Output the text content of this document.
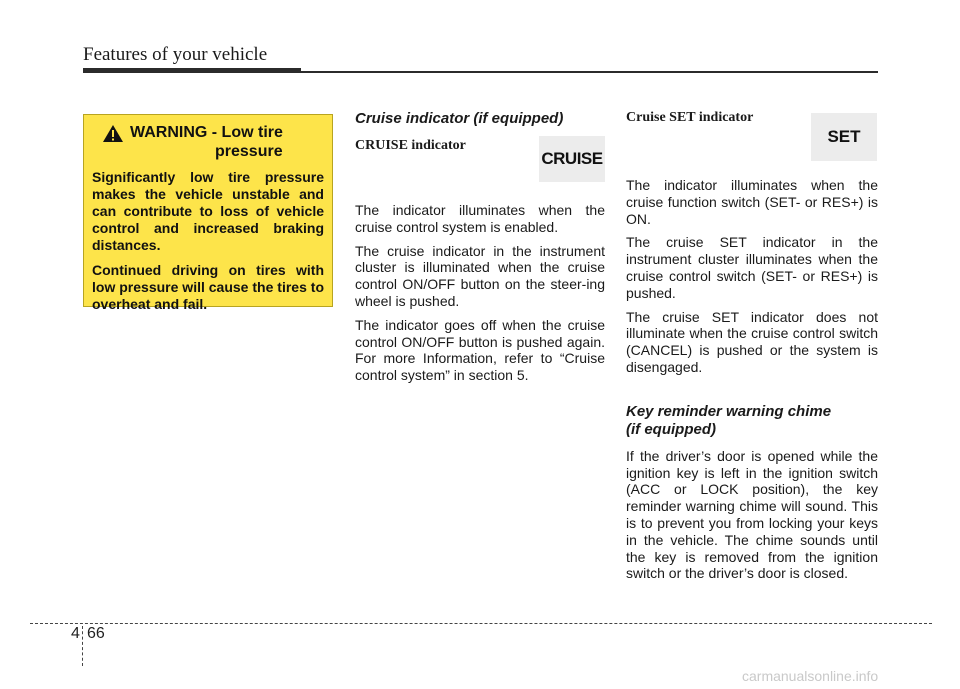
Features of your vehicle
WARNING - Low tire
pressure

Significantly low tire pressure makes the vehicle unstable and can contribute to loss of vehicle control and increased braking distances.

Continued driving on tires with low pressure will cause the tires to overheat and fail.

Cruise indicator (if equipped)

CRUISE indicator

The indicator illuminates when the cruise control system is enabled.

The cruise indicator in the instrument cluster is illuminated when the cruise control ON/OFF button on the steer-ing wheel is pushed.

The indicator goes off when the cruise control ON/OFF button is pushed again. For more Information, refer to “Cruise control system” in section 5.

CRUISE

Cruise SET indicator

The indicator illuminates when the cruise function switch (SET- or RES+) is ON.

The cruise SET indicator in the instrument cluster illuminates when the cruise control switch (SET- or RES+) is pushed.

The cruise SET indicator does not illuminate when the cruise control switch (CANCEL) is pushed or the system is disengaged.

Key reminder warning chime
(if equipped)

If the driver’s door is opened while the ignition key is left in the ignition switch (ACC or LOCK position), the key reminder warning chime will sound. This is to prevent you from locking your keys in the vehicle. The chime sounds until the key is removed from the ignition switch or the driver’s door is closed.

SET
4 66
carmanualsonline.info
